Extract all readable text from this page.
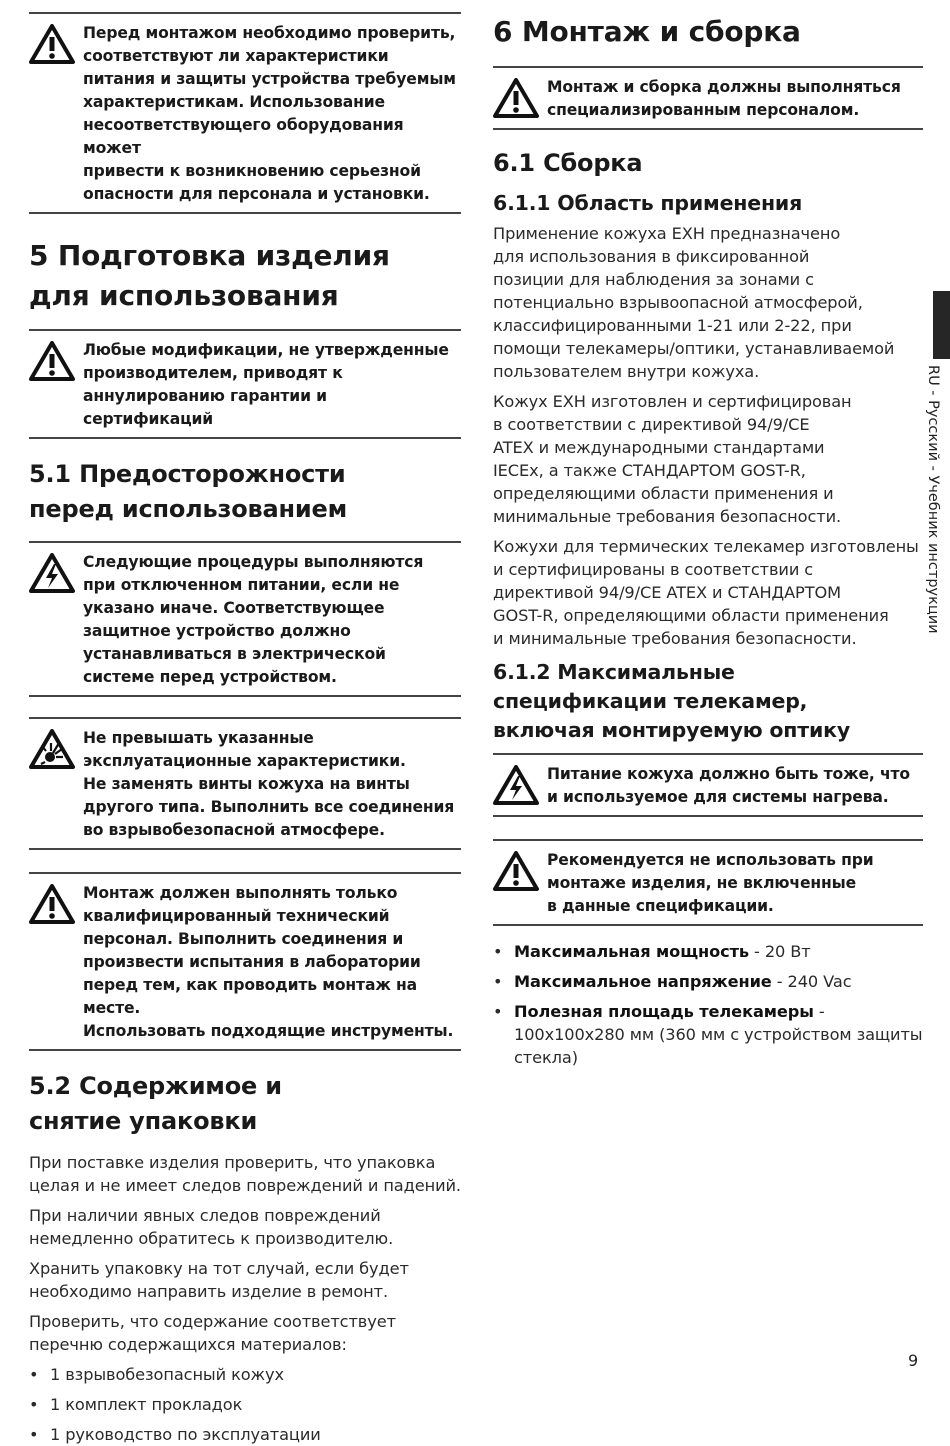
Перед монтажом необходимо проверить,
соответствуют ли характеристики
питания и защиты устройства требуемым
характеристикам. Использование
несоответствующего оборудования может
привести к возникновению серьезной
опасности для персонала и установки.
5 Подготовка изделия
для использования
Любые модификации, не утвержденные
производителем, приводят к
аннулированию гарантии и сертификаций
5.1 Предосторожности
перед использованием
Следующие процедуры выполняются
при отключенном питании, если не
указано иначе. Соответствующее
защитное устройство должно
устанавливаться в электрической
системе перед устройством.
Не превышать указанные
эксплуатационные характеристики.
Не заменять винты кожуха на винты
другого типа. Выполнить все соединения
во взрывобезопасной атмосфере.
Монтаж должен выполнять только
квалифицированный технический
персонал. Выполнить соединения и
произвести испытания в лаборатории
перед тем, как проводить монтаж на месте.
Использовать подходящие инструменты.
5.2 Содержимое и
снятие упаковки

При поставке изделия проверить, что упаковка
целая и не имеет следов повреждений и падений.

При наличии явных следов повреждений
немедленно обратитесь к производителю.

Хранить упаковку на тот случай, если будет
необходимо направить изделие в ремонт.

Проверить, что содержание соответствует
перечню содержащихся материалов:

• 1 взрывобезопасный кожух
• 1 комплект прокладок
• 1 руководство по эксплуатации
6 Монтаж и сборка
Монтаж и сборка должны выполняться
специализированным персоналом.
6.1 Сборка
6.1.1 Область применения

Применение кожуха EXH предназначено
для использования в фиксированной
позиции для наблюдения за зонами с
потенциально взрывоопасной атмосферой,
классифицированными 1-21 или 2-22, при
помощи телекамеры/оптики, устанавливаемой
пользователем внутри кожуха.

Кожух EXH изготовлен и сертифицирован
в соответствии с директивой 94/9/CE
ATEX и международными стандартами
IECEx, а также СТАНДАРТОМ GOST-R,
определяющими области применения и
минимальные требования безопасности.

Кожухи для термических телекамер изготовлены
и сертифицированы в соответствии с
директивой 94/9/CE ATEX и СТАНДАРТОМ
GOST-R, определяющими области применения
и минимальные требования безопасности.

6.1.2 Максимальные
спецификации телекамер,
включая монтируемую оптику
Питание кожуха должно быть тоже, что
и используемое для системы нагрева.
Рекомендуется не использовать при
монтаже изделия, не включенные
в данные спецификации.
• Максимальная мощность - 20 Вт
• Максимальное напряжение - 240 Vac
• Полезная площадь телекамеры - 100x100x280 мм (360 мм с устройством защиты стекла)
RU - Русский - Учебник инструкции
9
